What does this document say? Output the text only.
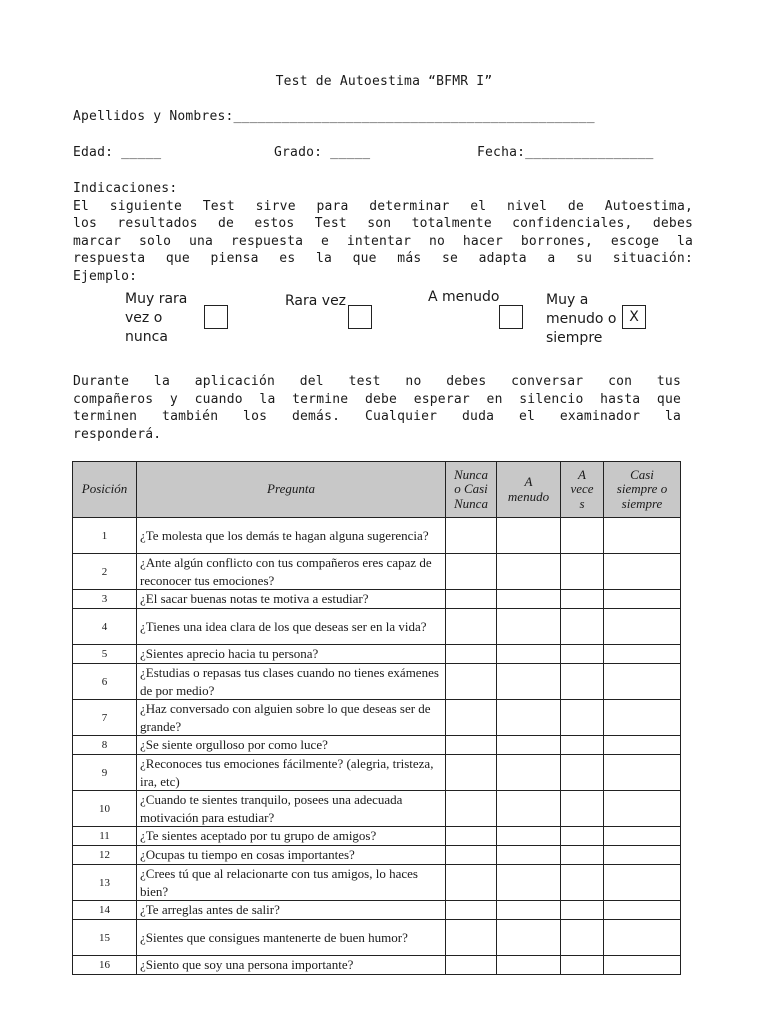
Test de Autoestima “BFMR I”
Apellidos y Nombres:_____________________________________________
Edad: _____	Grado: _____	Fecha:________________
Indicaciones:
El siguiente Test sirve para determinar el nivel de Autoestima,
los resultados de estos Test son totalmente confidenciales, debes
marcar solo una respuesta e intentar no hacer borrones, escoge la
respuesta que piensa es la que más se adapta a su situación:
Ejemplo:
Muy rara
vez o
nunca
Rara vez	A menudo	Muy a
menudo o
siempre
X
Durante la aplicación del test no debes conversar con tus
compañeros y cuando la termine debe esperar en silencio hasta que
terminen también los demás. Cualquier duda el examinador la
responderá.
Posición	Pregunta	Nunca
o Casi
Nunca	A
menudo	A
vece
s	Casi
siempre o
siempre
1	¿Te molesta que los demás te hagan alguna sugerencia?				
2	¿Ante algún conflicto con tus compañeros eres capaz de reconocer tus emociones?				
3	¿El sacar buenas notas te motiva a estudiar?				
4	¿Tienes una idea clara de los que deseas ser en la vida?				
5	¿Sientes aprecio hacia tu persona?				
6	¿Estudias o repasas tus clases cuando no tienes exámenes de por medio?				
7	¿Haz conversado con alguien sobre lo que deseas ser de grande?				
8	¿Se siente orgulloso por como luce?				
9	¿Reconoces tus emociones fácilmente? (alegria, tristeza, ira, etc)				
10	¿Cuando te sientes tranquilo, posees una adecuada motivación para estudiar?				
11	¿Te sientes aceptado por tu grupo de amigos?				
12	¿Ocupas tu tiempo en cosas importantes?				
13	¿Crees tú que al relacionarte con tus amigos, lo haces bien?				
14	¿Te arreglas antes de salir?				
15	¿Sientes que consigues mantenerte de buen humor?				
16	¿Siento que soy una persona importante?				
